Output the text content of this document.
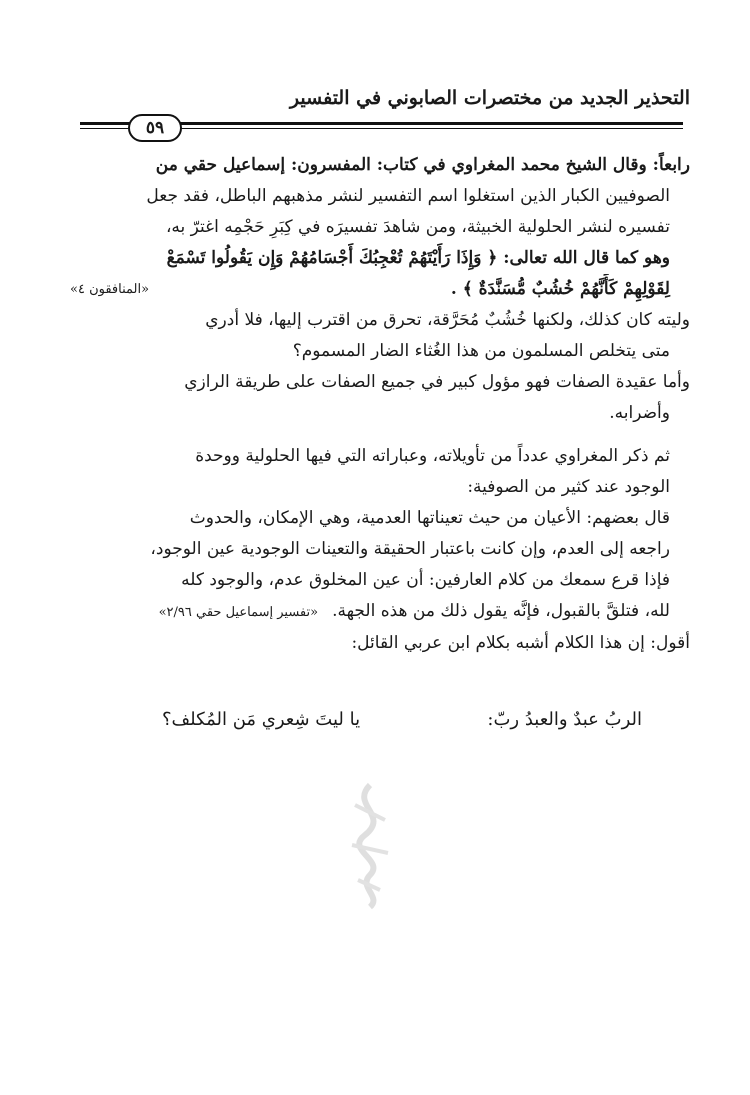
التحذير الجديد من مختصرات الصابوني في التفسير
٥٩
رابعاً: وقال الشيخ محمد المغراوي في كتاب: المفسرون: إسماعيل حقي من
الصوفيين الكبار الذين استغلوا اسم التفسير لنشر مذهبهم الباطل، فقد جعل
تفسيره لنشر الحلولية الخبيثة، ومن شاهدَ تفسيرَه في كِبَرِ حَجْمِه اغترّ به،
وهو كما قال الله تعالى: ﴿ وَإِذَا رَأَيْتَهُمْ تُعْجِبُكَ أَجْسَامُهُمْ وَإِن يَقُولُوا تَسْمَعْ
لِقَوْلِهِمْ كَأَنَّهُمْ خُشُبٌ مُّسَنَّدَةٌ ﴾ .
«المنافقون ٤»
وليته كان كذلك، ولكنها خُشُبٌ مُحَرَّقة، تحرق من اقترب إليها، فلا أدري
متى يتخلص المسلمون من هذا الغُثاء الضار المسموم؟
وأما عقيدة الصفات فهو مؤول كبير في جميع الصفات على طريقة الرازي
وأضرابه.
ثم ذكر المغراوي عدداً من تأويلاته، وعباراته التي فيها الحلولية ووحدة
الوجود عند كثير من الصوفية:
قال بعضهم: الأعيان من حيث تعيناتها العدمية، وهي الإمكان، والحدوث
راجعه إلى العدم، وإن كانت باعتبار الحقيقة والتعينات الوجودية عين الوجود،
فإذا قرع سمعك من كلام العارفين: أن عين المخلوق عدم، والوجود كله
لله، فتلقَّ بالقبول، فإنَّه يقول ذلك من هذه الجهة.«تفسير إسماعيل حقي ٢/٩٦»
أقول: إن هذا الكلام أشبه بكلام ابن عربي القائل:
الربُ عبدٌ والعبدُ ربّ:
يا ليتَ شِعري مَن المُكلف؟
